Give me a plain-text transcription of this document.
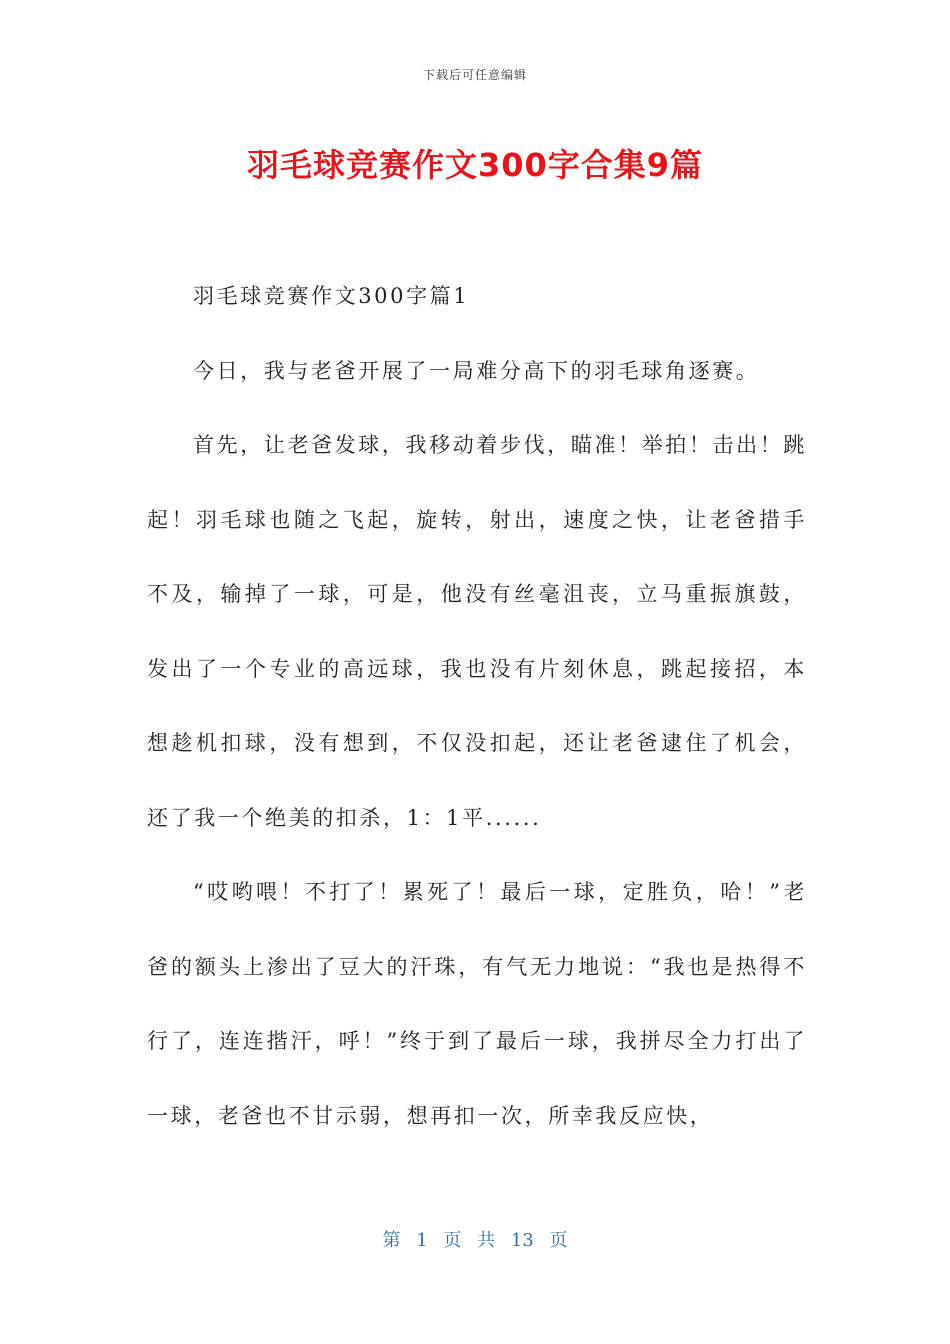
下载后可任意编辑
羽毛球竞赛作文300字合集9篇

羽毛球竞赛作文300字篇1

今日，我与老爸开展了一局难分高下的羽毛球角逐赛。

首先，让老爸发球，我移动着步伐，瞄准！举拍！击出！跳起！羽毛球也随之飞起，旋转，射出，速度之快，让老爸措手不及，输掉了一球，可是，他没有丝毫沮丧，立马重振旗鼓，发出了一个专业的高远球，我也没有片刻休息，跳起接招，本想趁机扣球，没有想到，不仅没扣起，还让老爸逮住了机会，还了我一个绝美的扣杀，1：1平......

“哎哟喂！不打了！累死了！最后一球，定胜负，哈！”老爸的额头上渗出了豆大的汗珠，有气无力地说：“我也是热得不行了，连连揩汗，呼！”终于到了最后一球，我拼尽全力打出了一球，老爸也不甘示弱，想再扣一次，所幸我反应快，

第 1 页 共 13 页
